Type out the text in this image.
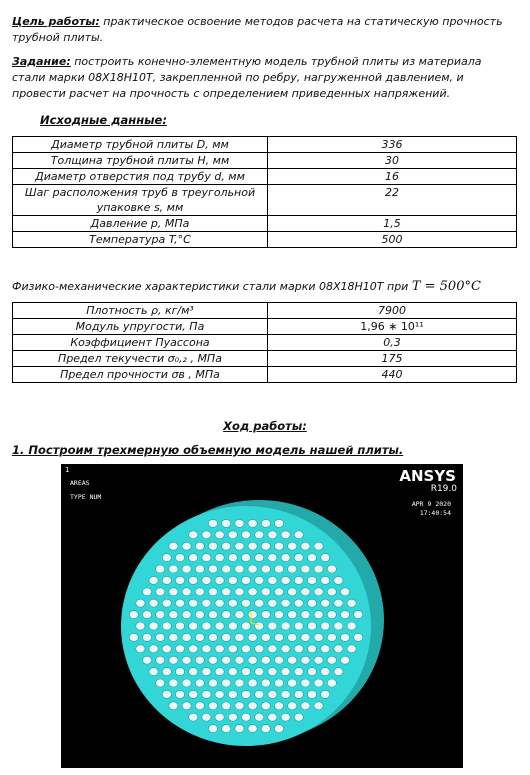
Цель работы: практическое освоение методов расчета на статическую прочность трубной плиты.
Задание: построить конечно-элементную модель трубной плиты из материала стали марки 08Х18Н10Т, закрепленной по ребру, нагруженной давлением, и провести расчет на прочность с определением приведенных напряжений.
Исходные данные:
Диаметр трубной плиты D, мм	336
Толщина трубной плиты H, мм	30
Диаметр отверстия под трубу d, мм	16
Шаг расположения труб в треугольной упаковке s, мм	22
Давление p, МПа	1,5
Температура T,°C	500
Физико-механические характеристики стали марки 08Х18Н10Т при T = 500°C
Плотность ρ, кг/м³	7900
Модуль упругости, Па	1,96 ∗ 10¹¹
Коэффициент Пуассона	0,3
Предел текучести σ₀,₂ , МПа	175
Предел прочности σв , МПа	440
Ход работы:
1. Построим трехмерную объемную модель нашей плиты.
1
AREAS
TYPE NUM
ANSYS
R19.0
APR 9 2020
17:40:54
